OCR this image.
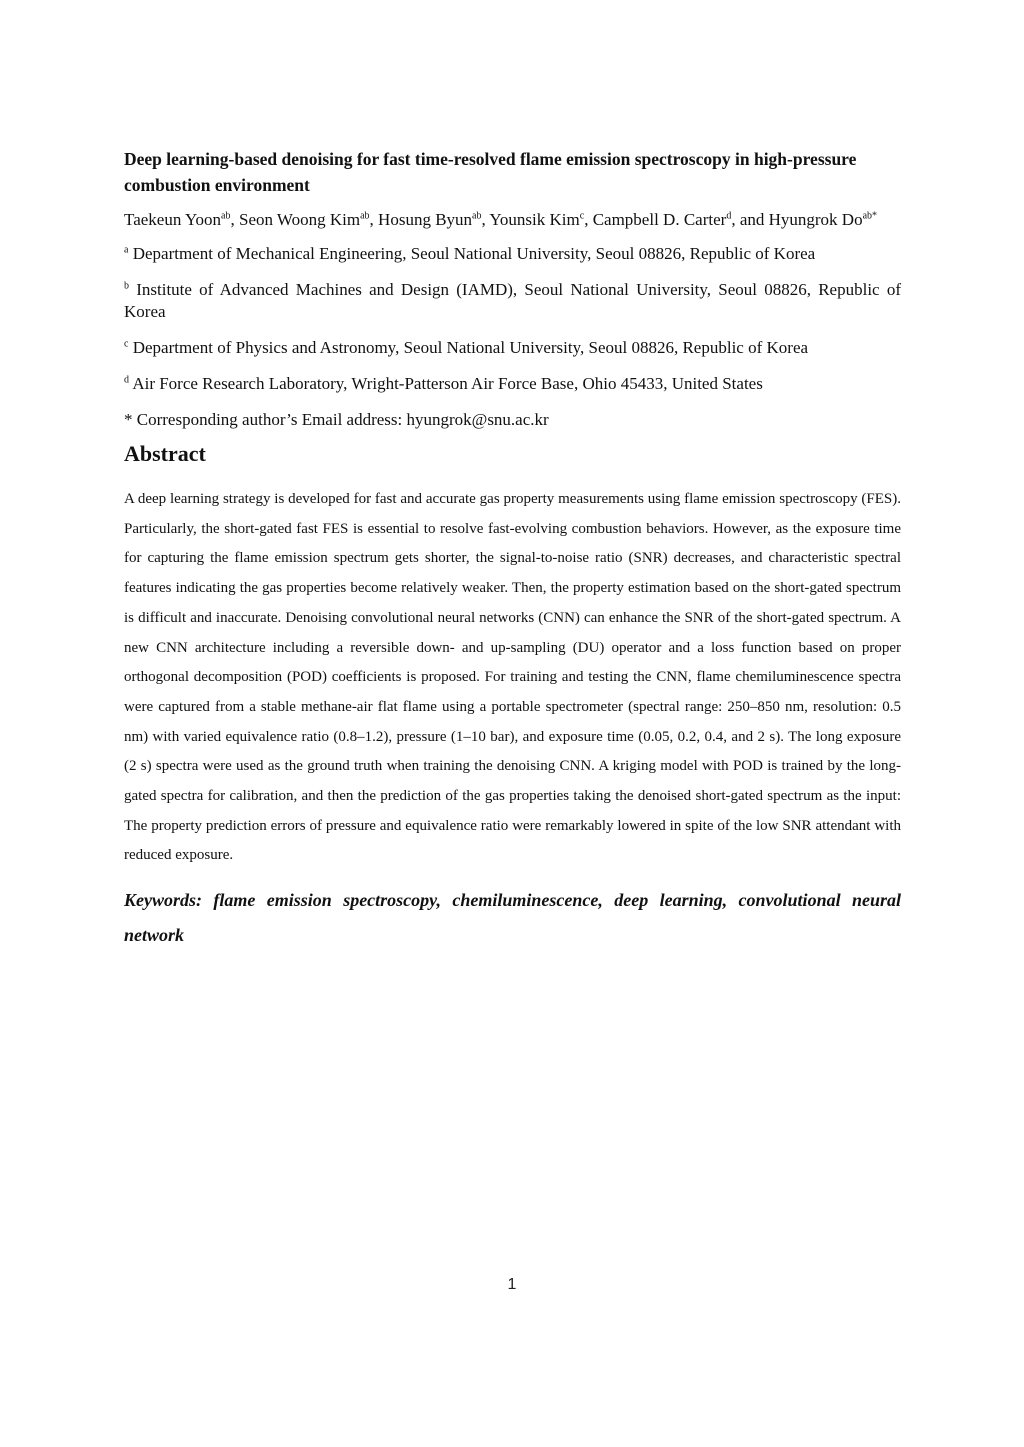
Deep learning-based denoising for fast time-resolved flame emission spectroscopy in high-pressure combustion environment

Taekeun Yoon$^{ab}$, Seon Woong Kim$^{ab}$, Hosung Byun$^{ab}$, Younsik Kim$^c$, Campbell D. Carter$^d$, and Hyungrok $Do^{ab*}$

$^a$ Department of Mechanical Engineering, Seoul National University, Seoul 08826, Republic of Korea

$^b$ Institute of Advanced Machines and Design (IAMD), Seoul National University, Seoul 08826, Republic of Korea

$^c$ Department of Physics and Astronomy, Seoul National University, Seoul 08826, Republic of Korea

$^d$ Air Force Research Laboratory, Wright-Patterson Air Force Base, Ohio 45433, United States

* Corresponding author’s Email address: hyungrok@snu.ac.kr

Abstract

A deep learning strategy is developed for fast and accurate gas property measurements using flame emission spectroscopy (FES). Particularly, the short-gated fast FES is essential to resolve fast-evolving combustion behaviors. However, as the exposure time for capturing the flame emission spectrum gets shorter, the signal-to-noise ratio (SNR) decreases, and characteristic spectral features indicating the gas properties become relatively weaker. Then, the property estimation based on the short-gated spectrum is difficult and inaccurate. Denoising convolutional neural networks (CNN) can enhance the SNR of the short-gated spectrum. A new CNN architecture including a reversible down- and up-sampling (DU) operator and a loss function based on proper orthogonal decomposition (POD) coefficients is proposed. For training and testing the CNN, flame chemiluminescence spectra were captured from a stable methane-air flat flame using a portable spectrometer (spectral range: 250–850 nm, resolution: 0.5 nm) with varied equivalence ratio (0.8–1.2), pressure (1–10 bar), and exposure time (0.05, 0.2, 0.4, and 2 s). The long exposure (2 s) spectra were used as the ground truth when training the denoising CNN. A kriging model with POD is trained by the long-gated spectra for calibration, and then the prediction of the gas properties taking the denoised short-gated spectrum as the input: The property prediction errors of pressure and equivalence ratio were remarkably lowered in spite of the low SNR attendant with reduced exposure.

Keywords: flame emission spectroscopy, chemiluminescence, deep learning, convolutional neural network

1
